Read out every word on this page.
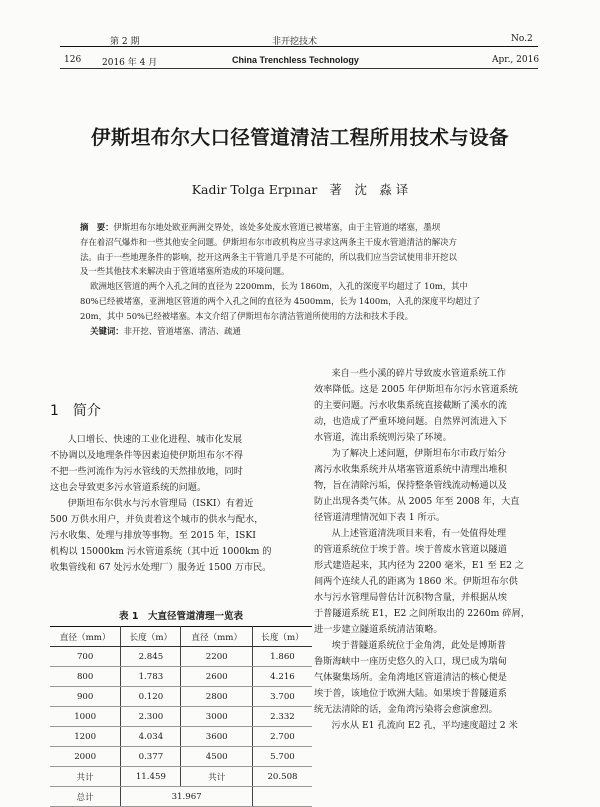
第 2 期
126 2016 年 4 月
非开挖技术
China Trenchless Technology
No.2
Apr., 2016
伊斯坦布尔大口径管道清洁工程所用技术与设备
Kadir Tolga Erpınar 著　沈　淼 译

摘　要：伊斯坦布尔地处欧亚两洲交界处，该处多处废水管道已被堵塞，由于主管道的堵塞，墨坝

存在着沼气爆炸和一些其他安全问题。伊斯坦布尔市政机构应当寻求这两条主干废水管道清洁的解决方

法。由于一些地理条件的影响，挖开这两条主干管道几乎是不可能的，所以我们应当尝试使用非开挖以

及一些其他技术来解决由于管道堵塞所造成的环境问题。

欧洲地区管道的两个入孔之间的直径为 2200mm，长为 1860m，入孔的深度平均超过了 10m，其中

80%已经被堵塞，亚洲地区管道的两个入孔之间的直径为 4500mm，长为 1400m，入孔的深度平均超过了

20m，其中 50%已经被堵塞。本文介绍了伊斯坦布尔清洁管道所使用的方法和技术手段。

关键词：非开挖、管道堵塞、清洁、疏通

1　简介

人口增长、快速的工业化进程、城市化发展

不协调以及地理条件等因素迫使伊斯坦布尔不得

不把一些河流作为污水管线的天然排放地，同时

这也会导致更多污水管道系统的问题。

伊斯坦布尔供水与污水管理局（ISKI）有着近

500 万供水用户，并负责着这个城市的供水与配水，

污水收集、处理与排放等事物。至 2015 年，ISKI

机构以 15000km 污水管道系统（其中近 1000km 的

收集管线和 67 处污水处理厂）服务近 1500 万市民。

表 1　大直径管道清理一览表
直径（mm）	长度（m）	直径（mm）	长度（m）
700	2.845	2200	1.860
800	1.783	2600	4.216
900	0.120	2800	3.700
1000	2.300	3000	2.332
1200	4.034	3600	2.700
2000	0.377	4500	5.700
共计	11.459	共计	20.508
总计	31.967		

来自一些小溪的碎片导致废水管道系统工作

效率降低。这是 2005 年伊斯坦布尔污水管道系统

的主要问题。污水收集系统直接截断了溪水的流

动，也造成了严重环境问题。自然界河流进入下

水管道，流出系统则污染了环境。

为了解决上述问题，伊斯坦布尔市政厅始分

离污水收集系统并从堵塞管道系统中清理出堆积

物，旨在清除污垢，保持整条管线流动畅通以及

防止出现各类气体。从 2005 年至 2008 年，大直

径管道清理情况如下表 1 所示。

从上述管道清洗项目来看，有一处值得处理

的管道系统位于埃于普。埃于普废水管道以隧道

形式建造起来，其内径为 2200 毫米，E1 至 E2 之

间两个连续人孔的距离为 1860 米。伊斯坦布尔供

水与污水管理局曾估计沉积物含量，并根据从埃

于普隧道系统 E1，E2 之间所取出的 2260m 碎屑，

进一步建立隧道系统清洁策略。

埃于普隧道系统位于金角湾，此处是博斯普

鲁斯海峡中一座历史悠久的入口，现已成为瑞甸

气体聚集场所。金角湾地区管道清洁的核心便是

埃于普，该地位于欧洲大陆。如果埃于普隧道系

统无法清除的话，金角湾污染将会愈演愈烈。

污水从 E1 孔流向 E2 孔，平均速度超过 2 米
